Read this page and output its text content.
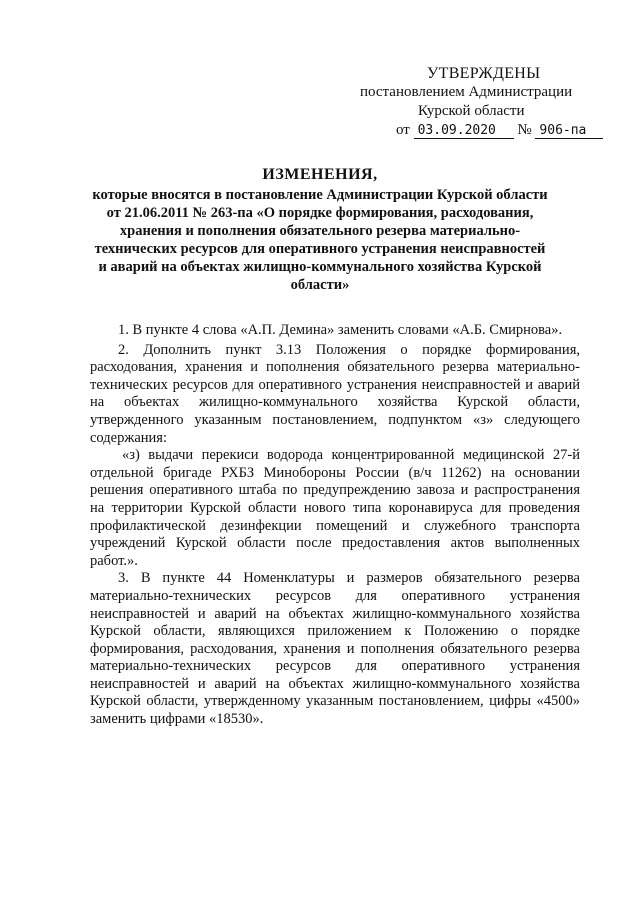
УТВЕРЖДЕНЫ
постановлением Администрации
Курской области
от 03.09.2020 № 906-па
ИЗМЕНЕНИЯ,
которые вносятся в постановление Администрации Курской области от 21.06.2011 № 263-па «О порядке формирования, расходования, хранения и пополнения обязательного резерва материально-технических ресурсов для оперативного устранения неисправностей и аварий на объектах жилищно-коммунального хозяйства Курской области»

1. В пункте 4 слова «А.П. Демина» заменить словами «А.Б. Смирнова».

2. Дополнить пункт 3.13 Положения о порядке формирования, расходования, хранения и пополнения обязательного резерва материально-технических ресурсов для оперативного устранения неисправностей и аварий на объектах жилищно-коммунального хозяйства Курской области, утвержденного указанным постановлением, подпунктом «з» следующего содержания:

«з) выдачи перекиси водорода концентрированной медицинской 27-й отдельной бригаде РХБЗ Минобороны России (в/ч 11262) на основании решения оперативного штаба по предупреждению завоза и распространения на территории Курской области нового типа коронавируса для проведения профилактической дезинфекции помещений и служебного транспорта учреждений Курской области после предоставления актов выполненных работ.».

3. В пункте 44 Номенклатуры и размеров обязательного резерва материально-технических ресурсов для оперативного устранения неисправностей и аварий на объектах жилищно-коммунального хозяйства Курской области, являющихся приложением к Положению о порядке формирования, расходования, хранения и пополнения обязательного резерва материально-технических ресурсов для оперативного устранения неисправностей и аварий на объектах жилищно-коммунального хозяйства Курской области, утвержденному указанным постановлением, цифры «4500» заменить цифрами «18530».
